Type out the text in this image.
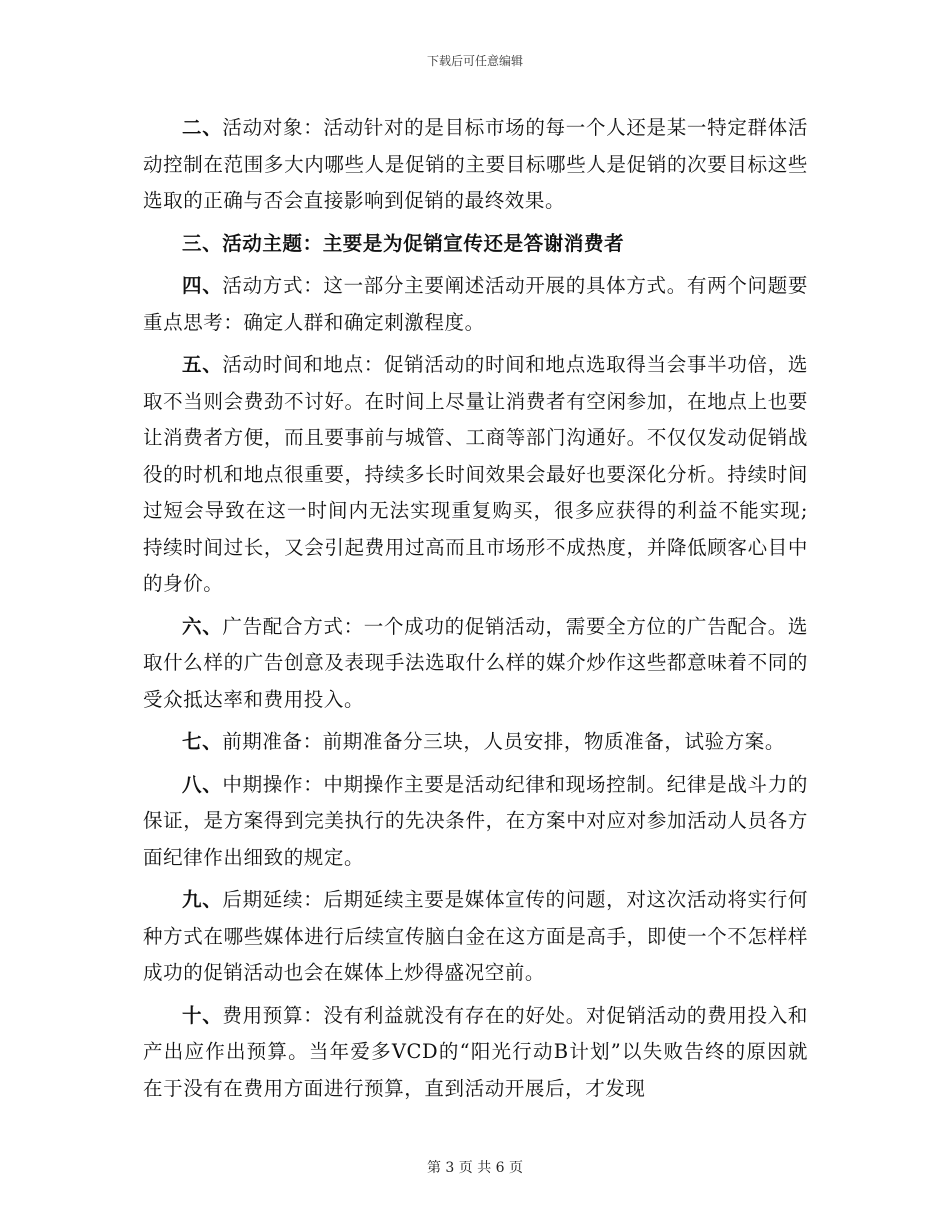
下载后可任意编辑

二、活动对象：活动针对的是目标市场的每一个人还是某一特定群体活动控制在范围多大内哪些人是促销的主要目标哪些人是促销的次要目标这些选取的正确与否会直接影响到促销的最终效果。

三、活动主题：主要是为促销宣传还是答谢消费者

四、活动方式：这一部分主要阐述活动开展的具体方式。有两个问题要重点思考：确定人群和确定刺激程度。

五、活动时间和地点：促销活动的时间和地点选取得当会事半功倍，选取不当则会费劲不讨好。在时间上尽量让消费者有空闲参加，在地点上也要让消费者方便，而且要事前与城管、工商等部门沟通好。不仅仅发动促销战役的时机和地点很重要，持续多长时间效果会最好也要深化分析。持续时间过短会导致在这一时间内无法实现重复购买，很多应获得的利益不能实现;持续时间过长，又会引起费用过高而且市场形不成热度，并降低顾客心目中的身价。

六、广告配合方式：一个成功的促销活动，需要全方位的广告配合。选取什么样的广告创意及表现手法选取什么样的媒介炒作这些都意味着不同的受众抵达率和费用投入。

七、前期准备：前期准备分三块，人员安排，物质准备，试验方案。

八、中期操作：中期操作主要是活动纪律和现场控制。纪律是战斗力的保证，是方案得到完美执行的先决条件，在方案中对应对参加活动人员各方面纪律作出细致的规定。

九、后期延续：后期延续主要是媒体宣传的问题，对这次活动将实行何种方式在哪些媒体进行后续宣传脑白金在这方面是高手，即使一个不怎样样成功的促销活动也会在媒体上炒得盛况空前。

十、费用预算：没有利益就没有存在的好处。对促销活动的费用投入和产出应作出预算。当年爱多VCD的“阳光行动B计划”以失败告终的原因就在于没有在费用方面进行预算，直到活动开展后，才发现

第 3 页 共 6 页
